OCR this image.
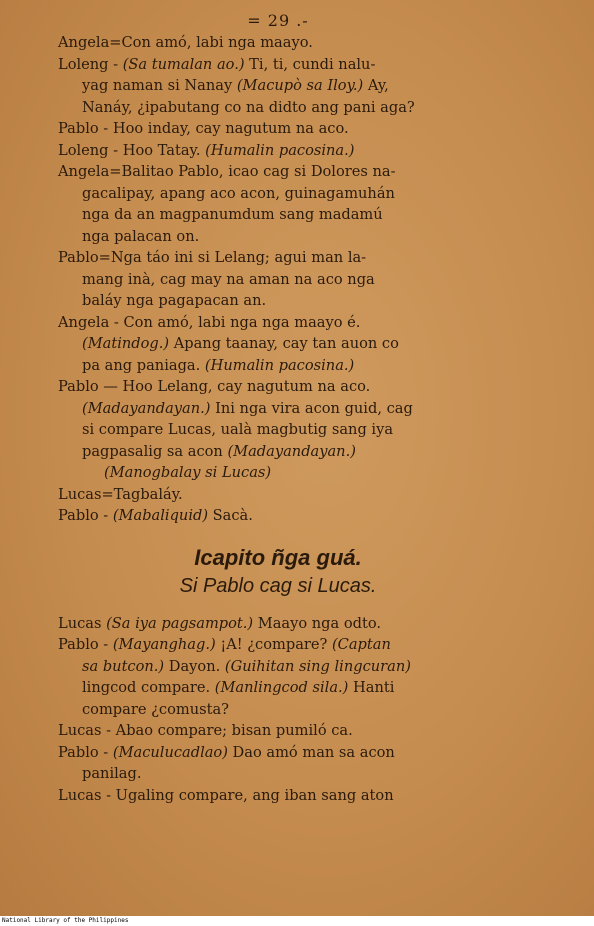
= 29 .-
Angela=Con amó, labi nga maayo.
Loleng - (Sa tumalan ao.) Ti, ti, cundi nalu-
yag naman si Nanay (Macupò sa Iloy.) Ay,
Nanáy, ¿ipabutang co na didto ang pani aga?
Pablo - Hoo inday, cay nagutum na aco.
Loleng - Hoo Tatay. (Humalin pacosina.)
Angela=Balitao Pablo, icao cag si Dolores na-
gacalipay, apang aco acon, guinagamuhán
nga da an magpanumdum sang madamú
nga palacan on.
Pablo=Nga táo ini si Lelang; agui man la-
mang inà, cag may na aman na aco nga
baláy nga pagapacan an.
Angela - Con amó, labi nga nga maayo é.
(Matindog.) Apang taanay, cay tan auon co
pa ang paniaga. (Humalin pacosina.)
Pablo — Hoo Lelang, cay nagutum na aco.
(Madayandayan.) Ini nga vira acon guid, cag
si compare Lucas, ualà magbutig sang iya
pagpasalig sa acon (Madayandayan.)
(Manogbalay si Lucas)
Lucas=Tagbaláy.
Pablo - (Mabaliquid) Sacà.
Icapito ñga guá.
Si Pablo cag si Lucas.
Lucas (Sa iya pagsampot.) Maayo nga odto.
Pablo - (Mayanghag.) ¡A! ¿compare? (Captan
sa butcon.) Dayon. (Guihitan sing lingcuran)
lingcod compare. (Manlingcod sila.) Hanti
compare ¿comusta?
Lucas - Abao compare; bisan pumiló ca.
Pablo - (Maculucadlao) Dao amó man sa acon
panilag.
Lucas - Ugaling compare, ang iban sang aton
National Library of the Philippines
